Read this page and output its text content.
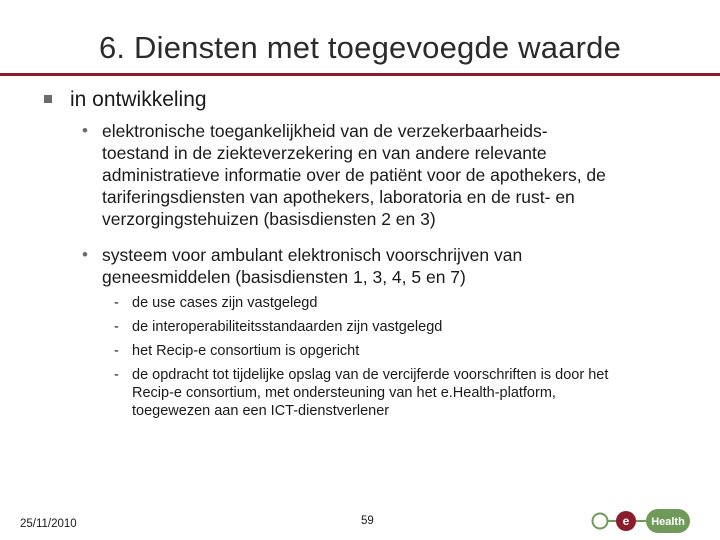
6. Diensten met toegevoegde waarde
in ontwikkeling
• elektronische toegankelijkheid van de verzekerbaarheids-
toestand in de ziekteverzekering en van andere relevante
administratieve informatie over de patiënt voor de apothekers, de
tariferingsdiensten van apothekers, laboratoria en de rust- en
verzorgingstehuizen (basisdiensten 2 en 3)
• systeem voor ambulant elektronisch voorschrijven van
geneesmiddelen (basisdiensten 1, 3, 4, 5 en 7)
- de use cases zijn vastgelegd
- de interoperabiliteitsstandaarden zijn vastgelegd
- het Recip-e consortium is opgericht
- de opdracht tot tijdelijke opslag van de vercijferde voorschriften is door het
Recip-e consortium, met ondersteuning van het e.Health-platform,
toegewezen aan een ICT-dienstverlener
25/11/2010	59	e Health
